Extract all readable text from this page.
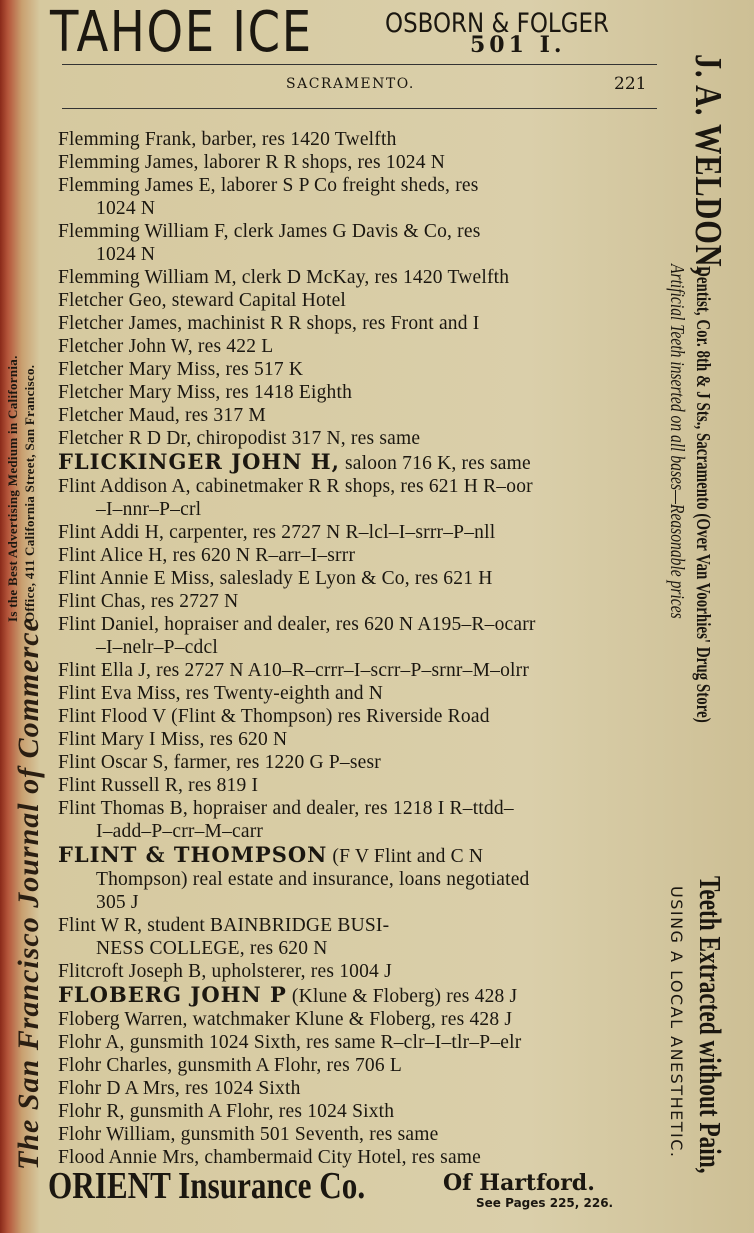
TAHOE ICE	OSBORN & FOLGER
501 I.
SACRAMENTO.	221
The San Francisco Journal of Commerce
Is the Best Advertising Medium in California. Office, 411 California Street, San Francisco.
J. A. WELDON,
Dentist, Cor. 8th & J Sts., Sacramento (Over Van Voorhies' Drug Store)
Artificial Teeth inserted on all bases—Reasonable prices
Teeth Extracted without Pain,
USING A LOCAL ANESTHETIC.
Flemming Frank, barber, res 1420 Twelfth
Flemming James, laborer R R shops, res 1024 N
Flemming James E, laborer S P Co freight sheds, res
1024 N
Flemming William F, clerk James G Davis & Co, res
1024 N
Flemming William M, clerk D McKay, res 1420 Twelfth
Fletcher Geo, steward Capital Hotel
Fletcher James, machinist R R shops, res Front and I
Fletcher John W, res 422 L
Fletcher Mary Miss, res 517 K
Fletcher Mary Miss, res 1418 Eighth
Fletcher Maud, res 317 M
Fletcher R D Dr, chiropodist 317 N, res same
FLICKINGER JOHN H, saloon 716 K, res same
Flint Addison A, cabinetmaker R R shops, res 621 H R–oor
–I–nnr–P–crl
Flint Addi H, carpenter, res 2727 N R–lcl–I–srrr–P–nll
Flint Alice H, res 620 N R–arr–I–srrr
Flint Annie E Miss, saleslady E Lyon & Co, res 621 H
Flint Chas, res 2727 N
Flint Daniel, hopraiser and dealer, res 620 N A195–R–ocarr
–I–nelr–P–cdcl
Flint Ella J, res 2727 N A10–R–crrr–I–scrr–P–srnr–M–olrr
Flint Eva Miss, res Twenty-eighth and N
Flint Flood V (Flint & Thompson) res Riverside Road
Flint Mary I Miss, res 620 N
Flint Oscar S, farmer, res 1220 G P–sesr
Flint Russell R, res 819 I
Flint Thomas B, hopraiser and dealer, res 1218 I R–ttdd–
I–add–P–crr–M–carr
FLINT & THOMPSON (F V Flint and C N
Thompson) real estate and insurance, loans negotiated
305 J
Flint W R, student BAINBRIDGE BUSI-
NESS COLLEGE, res 620 N
Flitcroft Joseph B, upholsterer, res 1004 J
FLOBERG JOHN P (Klune & Floberg) res 428 J
Floberg Warren, watchmaker Klune & Floberg, res 428 J
Flohr A, gunsmith 1024 Sixth, res same R–clr–I–tlr–P–elr
Flohr Charles, gunsmith A Flohr, res 706 L
Flohr D A Mrs, res 1024 Sixth
Flohr R, gunsmith A Flohr, res 1024 Sixth
Flohr William, gunsmith 501 Seventh, res same
Flood Annie Mrs, chambermaid City Hotel, res same
ORIENT Insurance Co.	Of Hartford.
See Pages 225, 226.
